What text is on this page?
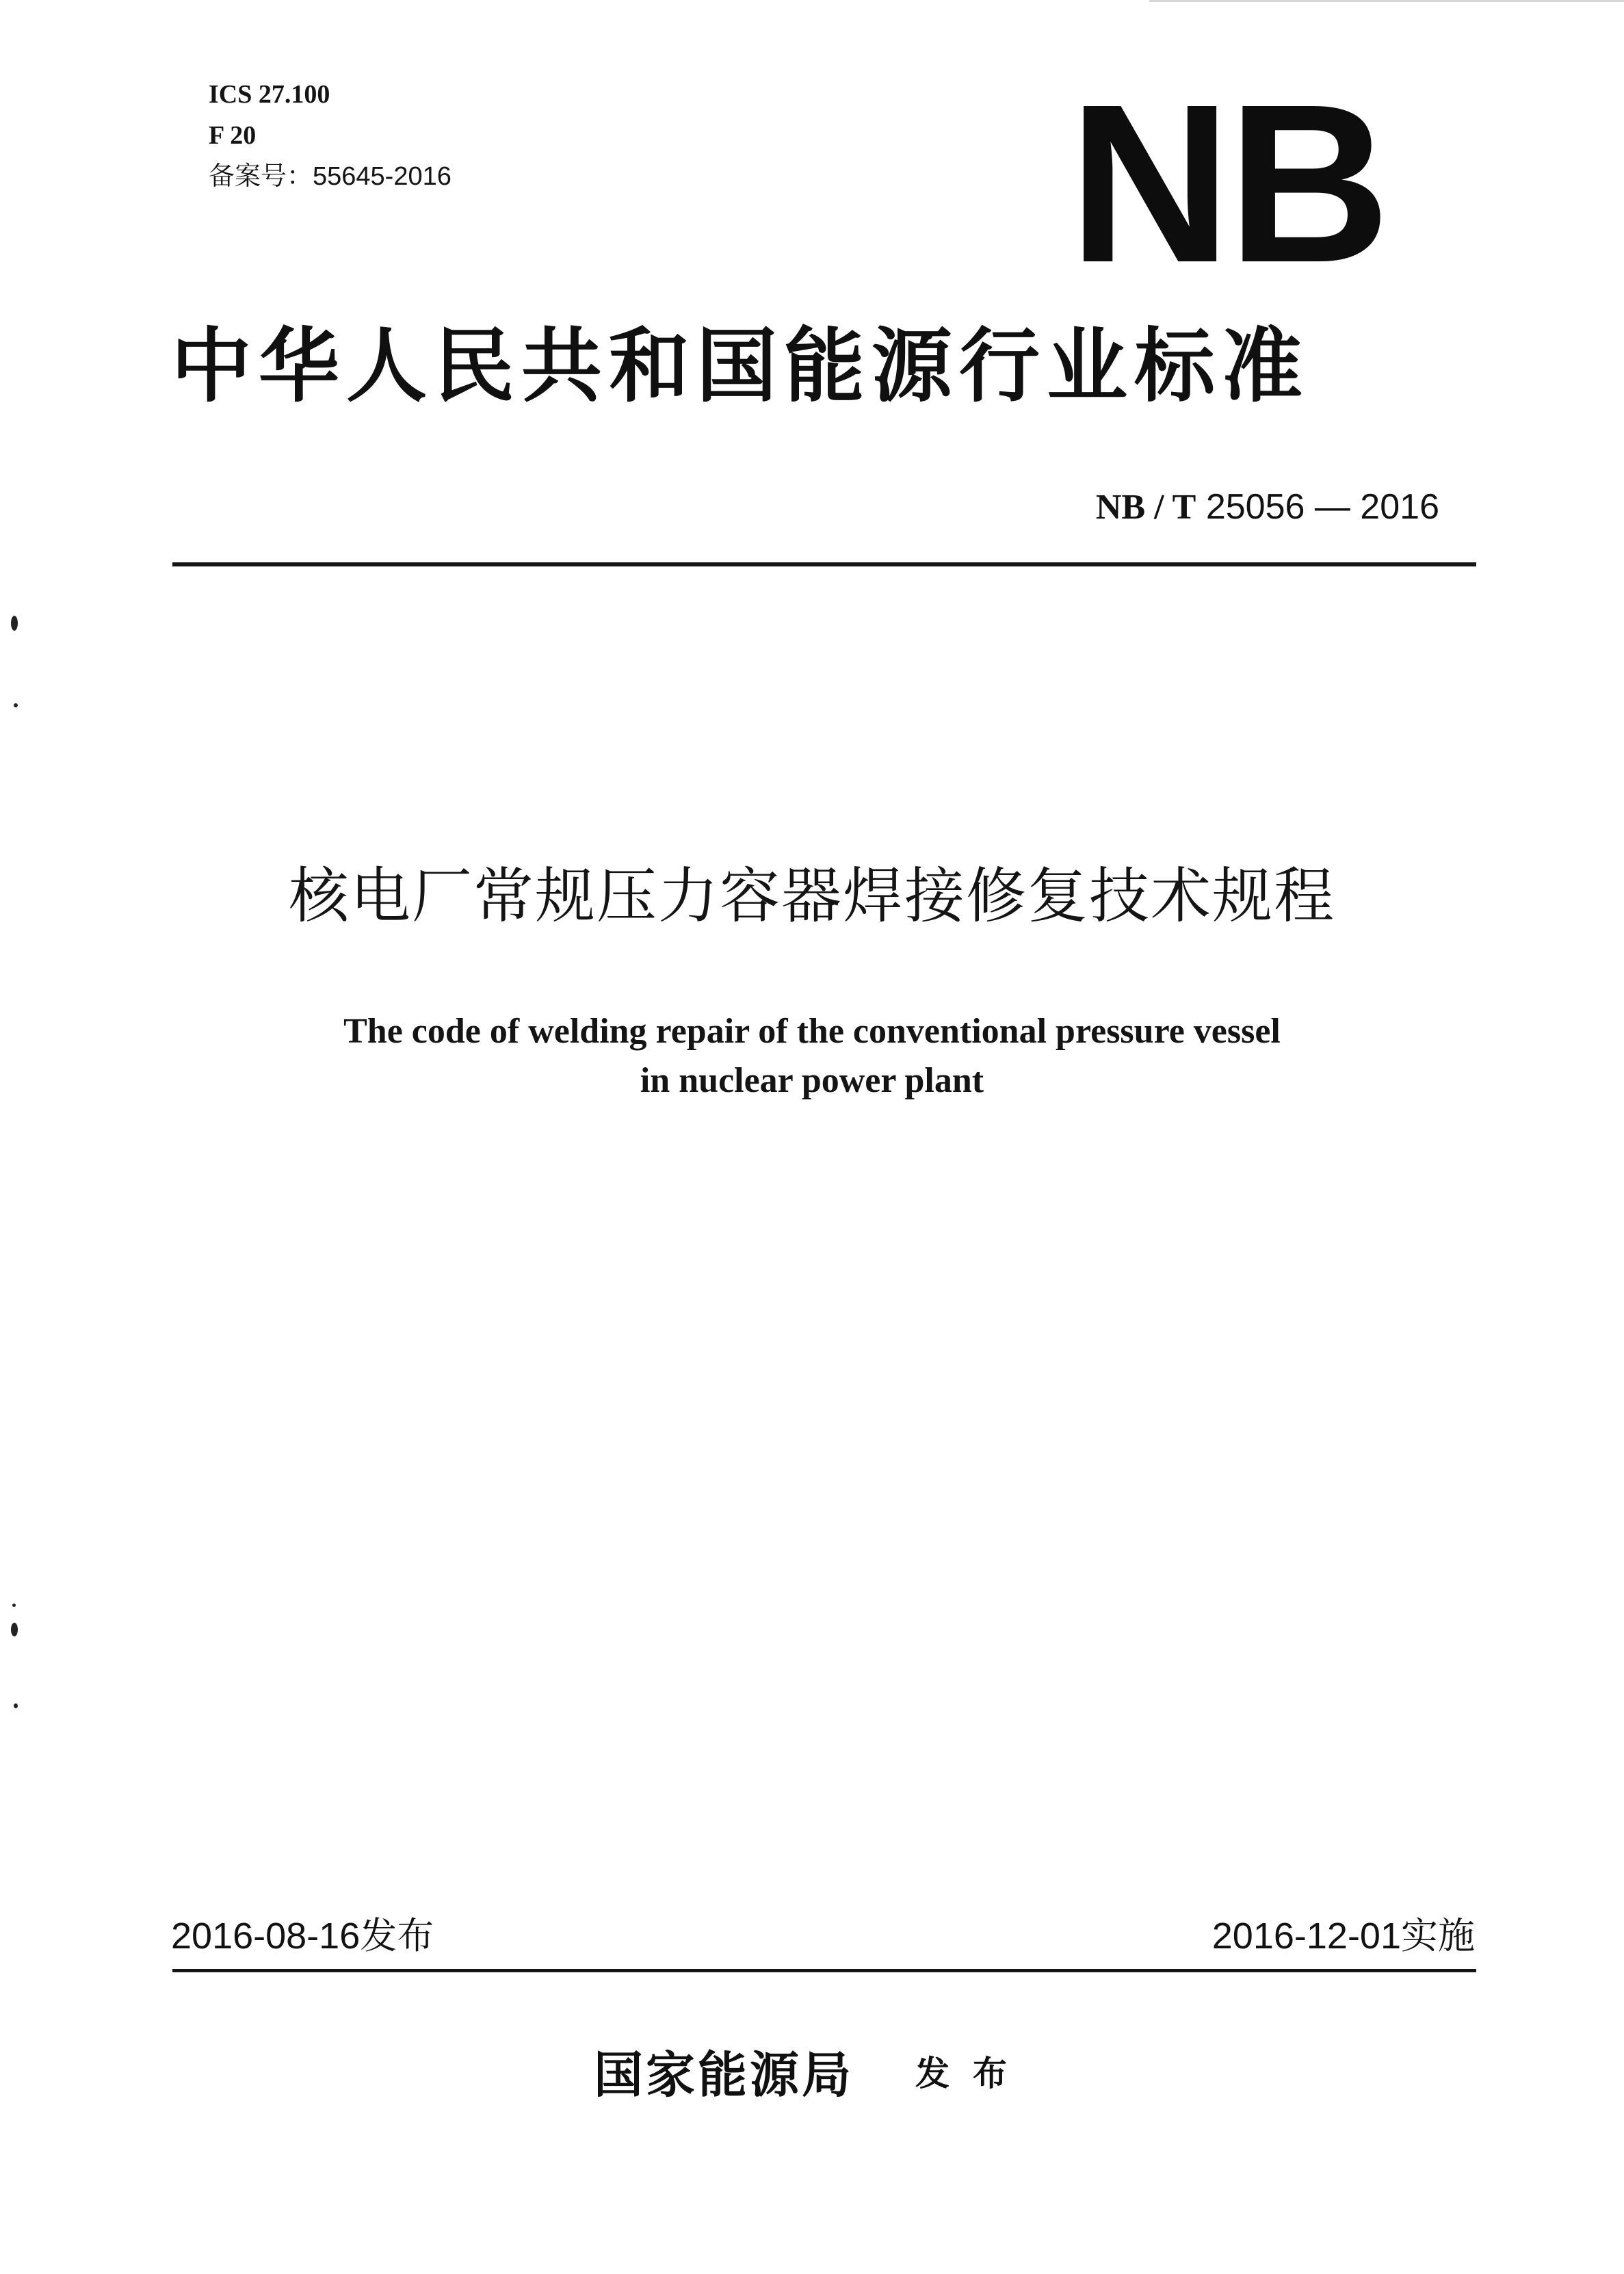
ICS 27.100
F 20
备案号：55645-2016	NB
中华人民共和国能源行业标准
NB / T 25056 — 2016
核电厂常规压力容器焊接修复技术规程
The code of welding repair of the conventional pressure vessel
in nuclear power plant
2016-08-16发布	2016-12-01实施
国家能源局 发布
